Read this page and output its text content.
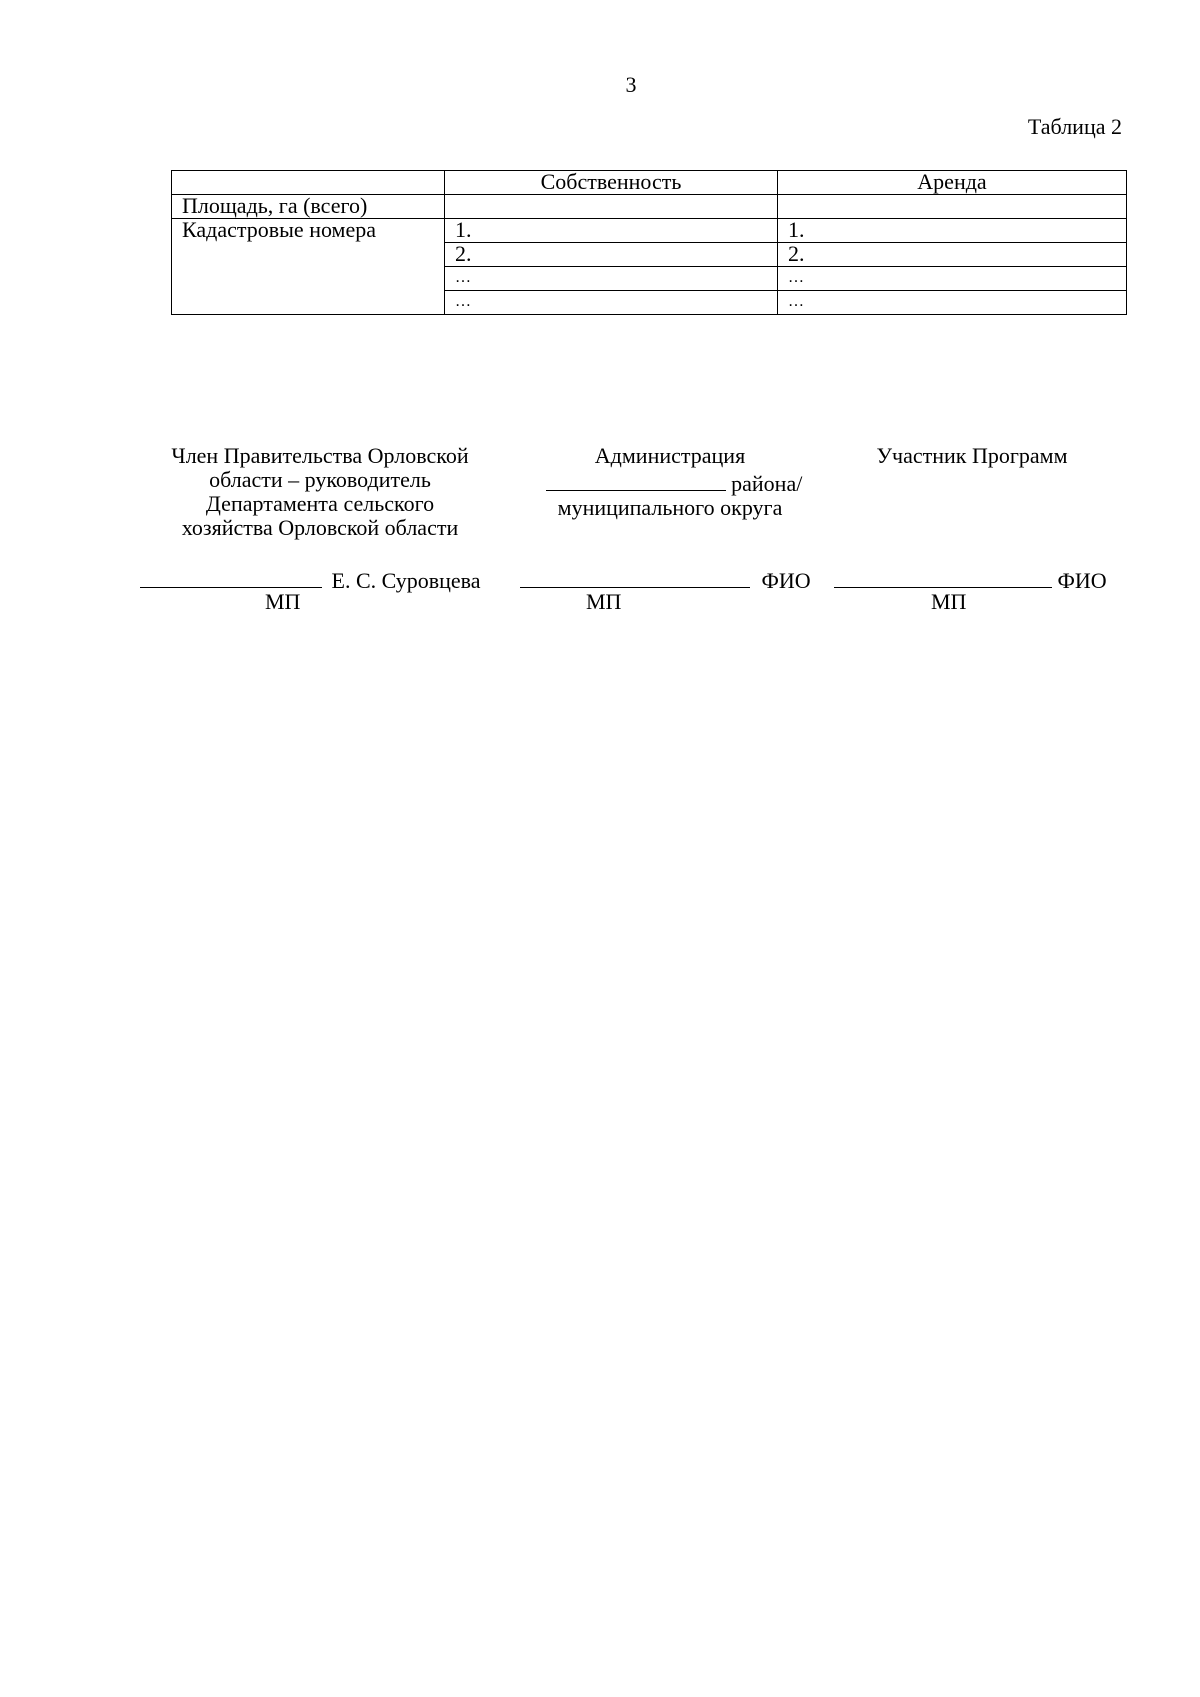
3
Таблица 2
	Собственность	Аренда
Площадь, га (всего)		
Кадастровые номера	1.	1.
	2.	2.
	…	…
	…	…
Член Правительства Орловской
области – руководитель
Департамента сельского
хозяйства Орловской области
Администрация
района/
муниципального округа
Участник Программ
Е. С. Суровцева	ФИО	ФИО
МП	МП	МП
